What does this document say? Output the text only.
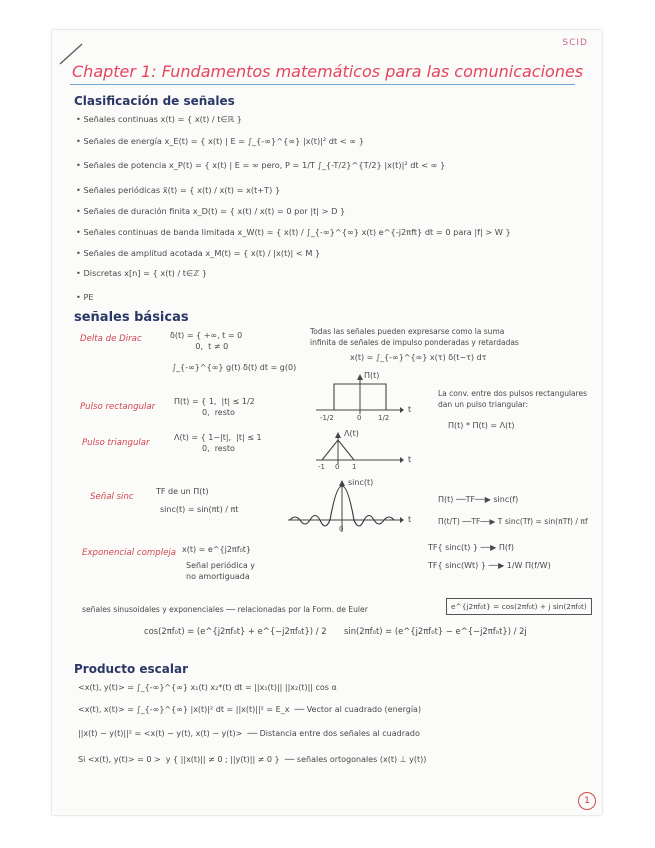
SCID
Chapter 1: Fundamentos matemáticos para las comunicaciones
Clasificación de señales
• Señales continuas x(t) = { x(t) / t∈ℝ }
• Señales de energía x_E(t) = { x(t) | E = ∫_{-∞}^{∞} |x(t)|² dt < ∞ }
• Señales de potencia x_P(t) = { x(t) | E = ∞ pero, P = 1/T ∫_{-T/2}^{T/2} |x(t)|² dt < ∞ }
• Señales periódicas x̃(t) = { x(t) / x(t) = x(t+T) }
• Señales de duración finita x_D(t) = { x(t) / x(t) = 0 por |t| > D }
• Señales continuas de banda limitada x_W(t) = { x(t) / ∫_{-∞}^{∞} x(t) e^{-j2πft} dt = 0 para |f| > W }
• Señales de amplitud acotada x_M(t) = { x(t) / |x(t)| < M }
• Discretas x[n] = { x(t) / t∈ℤ }
• PE
señales básicas
Delta de Dirac	δ(t) = { +∞, t = 0
0,  t ≠ 0
∫_{-∞}^{∞} g(t) δ(t) dt = g(0)
Todas las señales pueden expresarse como la suma
infinita de señales de impulso ponderadas y retardadas
x(t) = ∫_{-∞}^{∞} x(τ) δ(t−τ) dτ
Pulso rectangular
Π(t) = { 1,  |t| ≤ 1/2
0,  resto
Π(t)
t
-1/2	0 1/2
La conv. entre dos pulsos rectangulares
dan un pulso triangular:
Π(t) * Π(t) = Λ(t)
Pulso triangular
Λ(t) = { 1−|t|,  |t| ≤ 1
0,  resto
Λ(t)
t
-1 0 1
Señal sinc
TF de un Π(t)
sinc(t) = sin(πt) / πt
sinc(t)
t
0
Π(t) ──TF──▶ sinc(f)
Π(t/T) ──TF──▶ T sinc(Tf) = sin(πTf) / πf
TF{ sinc(t) } ──▶ Π(f)
TF{ sinc(Wt) } ──▶ 1/W Π(f/W)
Exponencial compleja x(t) = e^{j2πf₀t}
Señal periódica y
no amortiguada
señales sinusoidales y exponenciales ── relacionadas por la Form. de Euler	e^{j2πf₀t} = cos(2πf₀t) + j sin(2πf₀t)
cos(2πf₀t) = (e^{j2πf₀t} + e^{−j2πf₀t}) / 2 sin(2πf₀t) = (e^{j2πf₀t} − e^{−j2πf₀t}) / 2j
Producto escalar
<x(t), y(t)> = ∫_{-∞}^{∞} x₁(t) x₂*(t) dt = ||x₁(t)|| ||x₂(t)|| cos α
<x(t), x(t)> = ∫_{-∞}^{∞} |x(t)|² dt = ||x(t)||² = E_x  ── Vector al cuadrado (energía)
||x(t) − y(t)||² = <x(t) − y(t), x(t) − y(t)>  ── Distancia entre dos señales al cuadrado
Si <x(t), y(t)> = 0 >  y { ||x(t)|| ≠ 0 ; ||y(t)|| ≠ 0 }  ── señales ortogonales (x(t) ⊥ y(t))
1
